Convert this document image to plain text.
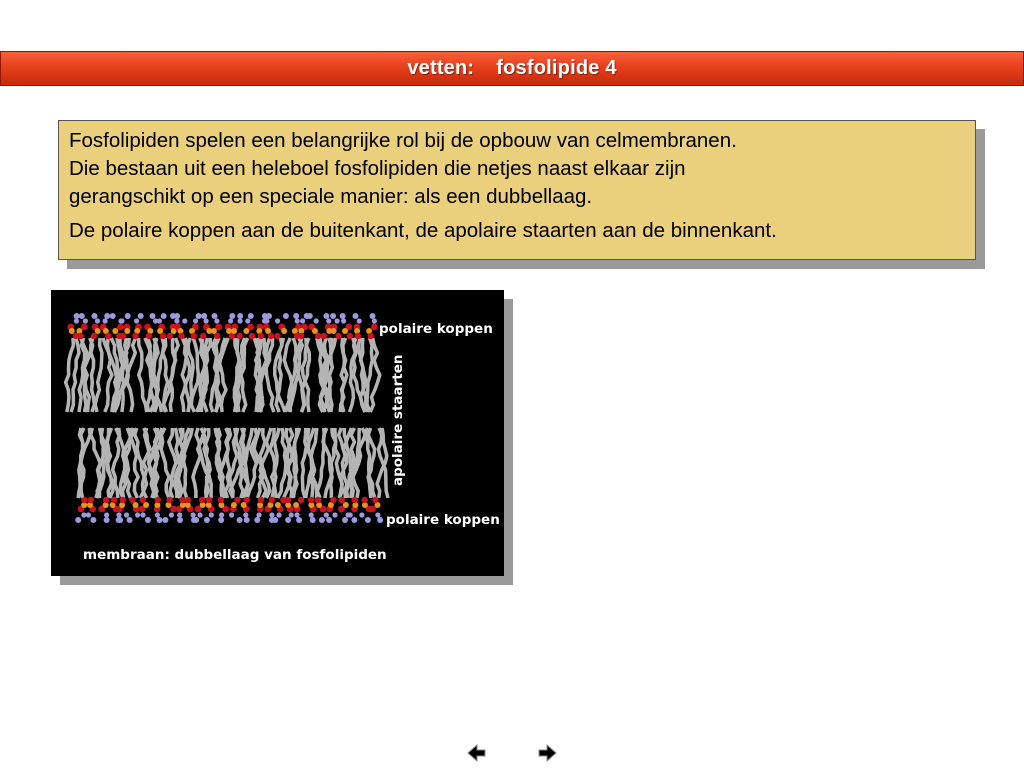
vetten: fosfolipide 4

Fosfolipiden spelen een belangrijke rol bij de opbouw van celmembranen.
Die bestaan uit een heleboel fosfolipiden die netjes naast elkaar zijn
gerangschikt op een speciale manier: als een dubbellaag.

De polaire koppen aan de buitenkant, de apolaire staarten aan de binnenkant.

polaire koppen
apolaire staarten
polaire koppen
membraan: dubbellaag van fosfolipiden
